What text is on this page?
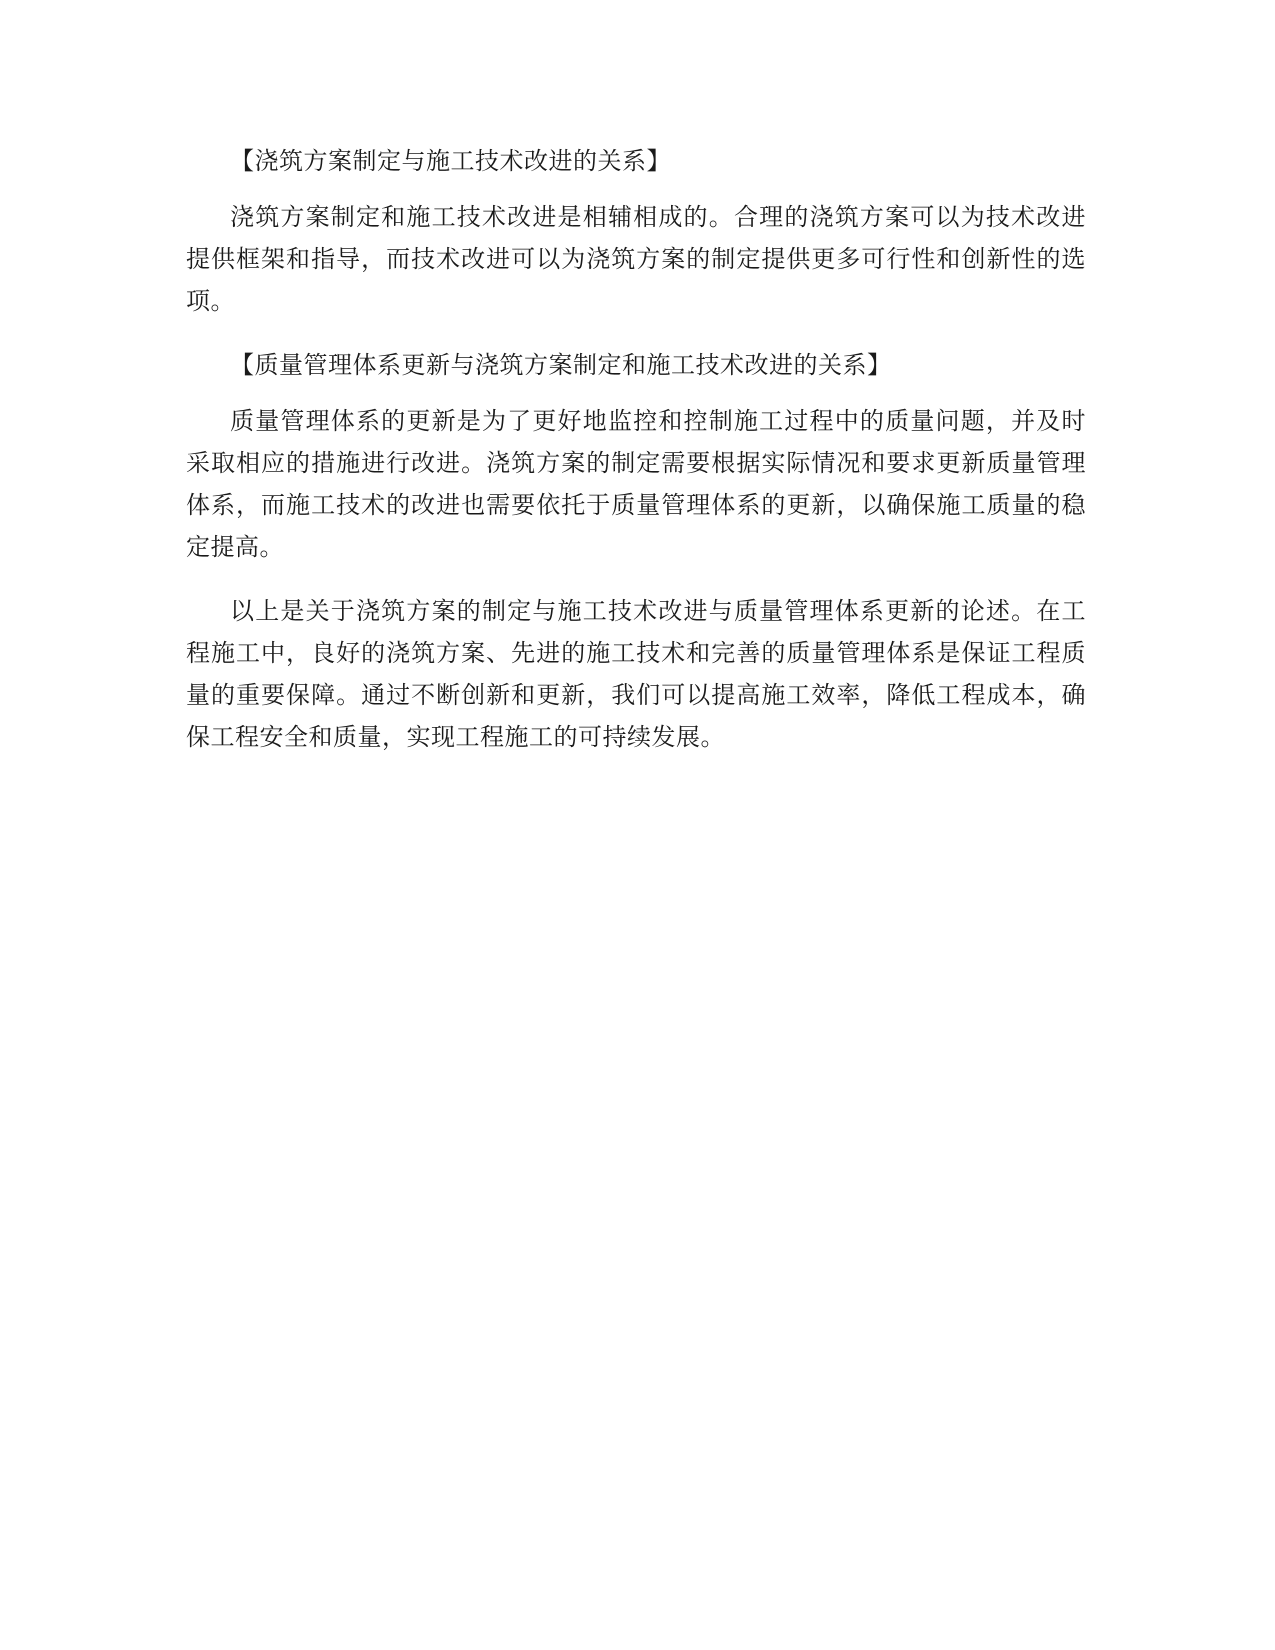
【浇筑方案制定与施工技术改进的关系】

浇筑方案制定和施工技术改进是相辅相成的。合理的浇筑方案可以为技术改进提供框架和指导，而技术改进可以为浇筑方案的制定提供更多可行性和创新性的选项。

【质量管理体系更新与浇筑方案制定和施工技术改进的关系】

质量管理体系的更新是为了更好地监控和控制施工过程中的质量问题，并及时采取相应的措施进行改进。浇筑方案的制定需要根据实际情况和要求更新质量管理体系，而施工技术的改进也需要依托于质量管理体系的更新，以确保施工质量的稳定提高。

以上是关于浇筑方案的制定与施工技术改进与质量管理体系更新的论述。在工程施工中，良好的浇筑方案、先进的施工技术和完善的质量管理体系是保证工程质量的重要保障。通过不断创新和更新，我们可以提高施工效率，降低工程成本，确保工程安全和质量，实现工程施工的可持续发展。
